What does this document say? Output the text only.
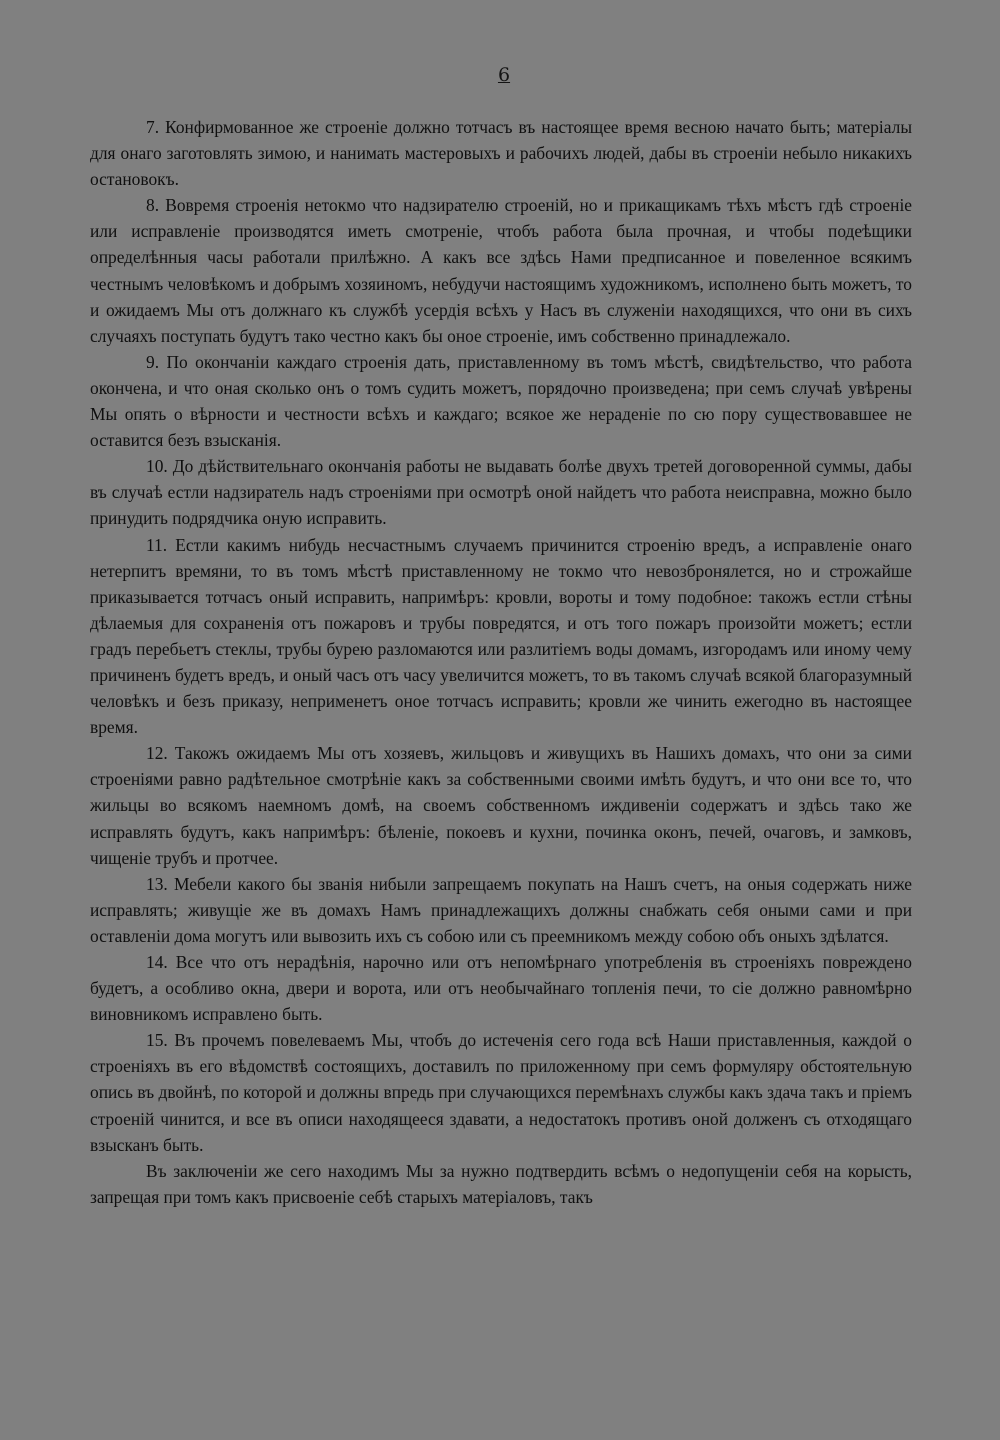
6

7. Конфирмованное же строеніе должно тотчасъ въ настоящее время весною начато быть; матеріалы для онаго заготовлять зимою, и нанимать мастеровыхъ и рабочихъ людей, дабы въ строеніи небыло никакихъ остановокъ.

8. Вовремя строенія нетокмо что надзирателю строеній, но и прикащикамъ тѣхъ мѣстъ гдѣ строеніе или исправленіе производятся иметь смотреніе, чтобъ работа была прочная, и чтобы подеѣщики определѣнныя часы работали прилѣжно. А какъ все здѣсь Нами предписанное и повеленное всякимъ честнымъ человѣкомъ и добрымъ хозяиномъ, небудучи настоящимъ художникомъ, исполнено быть можетъ, то и ожидаемъ Мы отъ должнаго къ службѣ усердія всѣхъ у Насъ въ служеніи находящихся, что они въ сихъ случаяхъ поступать будутъ тако честно какъ бы оное строеніе, имъ собственно принадлежало.

9. По окончаніи каждаго строенія дать, приставленному въ томъ мѣстѣ, свидѣтельство, что работа окончена, и что оная сколько онъ о томъ судить можетъ, порядочно произведена; при семъ случаѣ увѣрены Мы опять о вѣрности и честности всѣхъ и каждаго; всякое же нераденіе по сю пору существовавшее не оставится безъ взысканія.

10. До дѣйствительнаго окончанія работы не выдавать болѣе двухъ третей договоренной суммы, дабы въ случаѣ естли надзиратель надъ строеніями при осмотрѣ оной найдетъ что работа неисправна, можно было принудить подрядчика оную исправить.

11. Естли какимъ нибудь несчастнымъ случаемъ причинится строенію вредъ, а исправленіе онаго нетерпитъ времяни, то въ томъ мѣстѣ приставленному не токмо что невозбронялется, но и строжайше приказывается тотчасъ оный исправить, напримѣръ: кровли, вороты и тому подобное: такожъ естли стѣны дѣлаемыя для сохраненія отъ пожаровъ и трубы повредятся, и отъ того пожаръ произойти можетъ; естли градъ перебьетъ стеклы, трубы бурею разломаются или разлитіемъ воды домамъ, изгородамъ или иному чему причиненъ будетъ вредъ, и оный часъ отъ часу увеличится можетъ, то въ такомъ случаѣ всякой благоразумный человѣкъ и безъ приказу, неприменетъ оное тотчасъ исправить; кровли же чинить ежегодно въ настоящее время.

12. Такожъ ожидаемъ Мы отъ хозяевъ, жильцовъ и живущихъ въ Нашихъ домахъ, что они за сими строеніями равно радѣтельное смотрѣніе какъ за собственными своими имѣть будутъ, и что они все то, что жильцы во всякомъ наемномъ домѣ, на своемъ собственномъ иждивеніи содержатъ и здѣсь тако же исправлять будутъ, какъ напримѣръ: бѣленіе, покоевъ и кухни, починка оконъ, печей, очаговъ, и замковъ, чищеніе трубъ и протчее.

13. Мебели какого бы званія нибыли запрещаемъ покупать на Нашъ счетъ, на оныя содержать ниже исправлять; живущіе же въ домахъ Намъ принадлежащихъ должны снабжать себя оными сами и при оставленіи дома могутъ или вывозить ихъ съ собою или съ преемникомъ между собою объ оныхъ здѣлатся.

14. Все что отъ нерадѣнія, нарочно или отъ непомѣрнаго употребленія въ строеніяхъ повреждено будетъ, а особливо окна, двери и ворота, или отъ необычайнаго топленія печи, то сіе должно равномѣрно виновникомъ исправлено быть.

15. Въ прочемъ повелеваемъ Мы, чтобъ до истеченія сего года всѣ Наши приставленныя, каждой о строеніяхъ въ его вѣдомствѣ состоящихъ, доставилъ по приложенному при семъ формуляру обстоятельную опись въ двойнѣ, по которой и должны впредь при случающихся перемѣнахъ службы какъ здача такъ и пріемъ строеній чинится, и все въ описи находящееся здавати, а недостатокъ противъ оной долженъ съ отходящаго взысканъ быть.

Въ заключеніи же сего находимъ Мы за нужно подтвердить всѣмъ о недопущеніи себя на корысть, запрещая при томъ какъ присвоеніе себѣ старыхъ матеріаловъ, такъ
